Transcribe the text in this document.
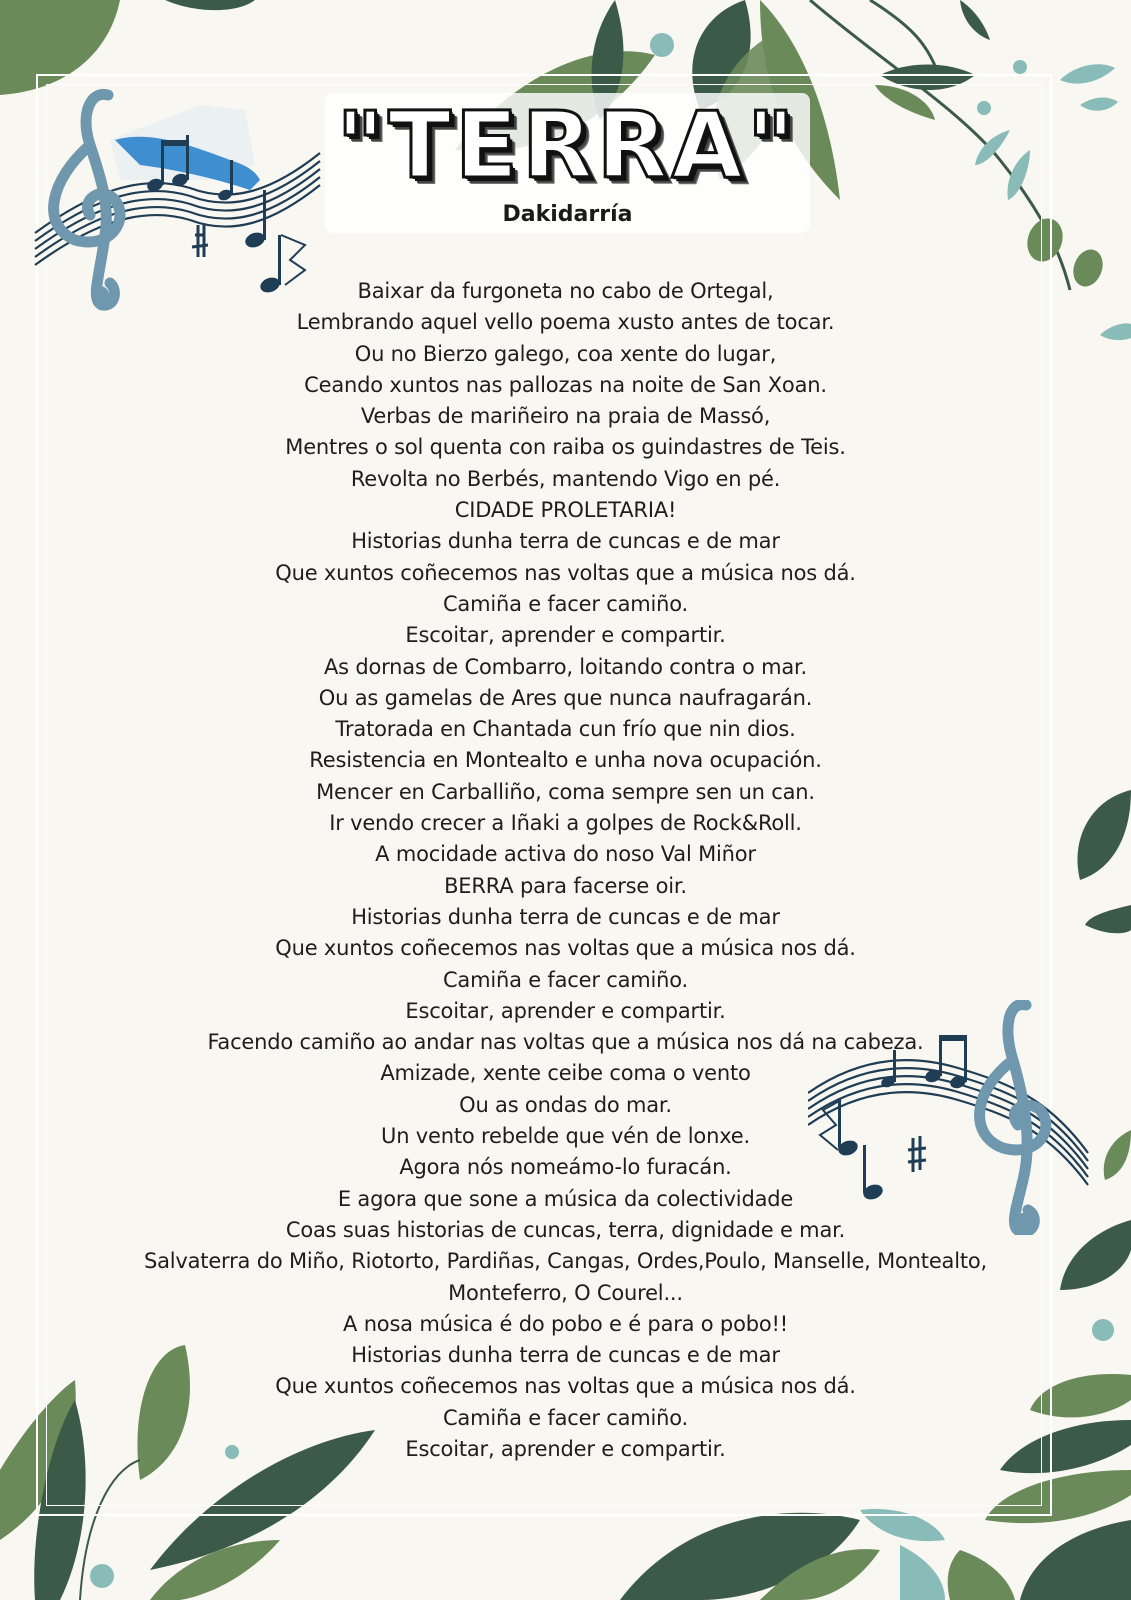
"TERRA"
Dakidarría
Baixar da furgoneta no cabo de Ortegal,
Lembrando aquel vello poema xusto antes de tocar.
Ou no Bierzo galego, coa xente do lugar,
Ceando xuntos nas pallozas na noite de San Xoan.
Verbas de mariñeiro na praia de Massó,
Mentres o sol quenta con raiba os guindastres de Teis.
Revolta no Berbés, mantendo Vigo en pé.
CIDADE PROLETARIA!
Historias dunha terra de cuncas e de mar
Que xuntos coñecemos nas voltas que a música nos dá.
Camiña e facer camiño.
Escoitar, aprender e compartir.
As dornas de Combarro, loitando contra o mar.
Ou as gamelas de Ares que nunca naufragarán.
Tratorada en Chantada cun frío que nin dios.
Resistencia en Montealto e unha nova ocupación.
Mencer en Carballiño, coma sempre sen un can.
Ir vendo crecer a Iñaki a golpes de Rock&Roll.
A mocidade activa do noso Val Miñor
BERRA para facerse oir.
Historias dunha terra de cuncas e de mar
Que xuntos coñecemos nas voltas que a música nos dá.
Camiña e facer camiño.
Escoitar, aprender e compartir.
Facendo camiño ao andar nas voltas que a música nos dá na cabeza.
Amizade, xente ceibe coma o vento
Ou as ondas do mar.
Un vento rebelde que vén de lonxe.
Agora nós nomeámo-lo furacán.
E agora que sone a música da colectividade
Coas suas historias de cuncas, terra, dignidade e mar.
Salvaterra do Miño, Riotorto, Pardiñas, Cangas, Ordes,Poulo, Manselle, Montealto,
Monteferro, O Courel...
A nosa música é do pobo e é para o pobo!!
Historias dunha terra de cuncas e de mar
Que xuntos coñecemos nas voltas que a música nos dá.
Camiña e facer camiño.
Escoitar, aprender e compartir.
